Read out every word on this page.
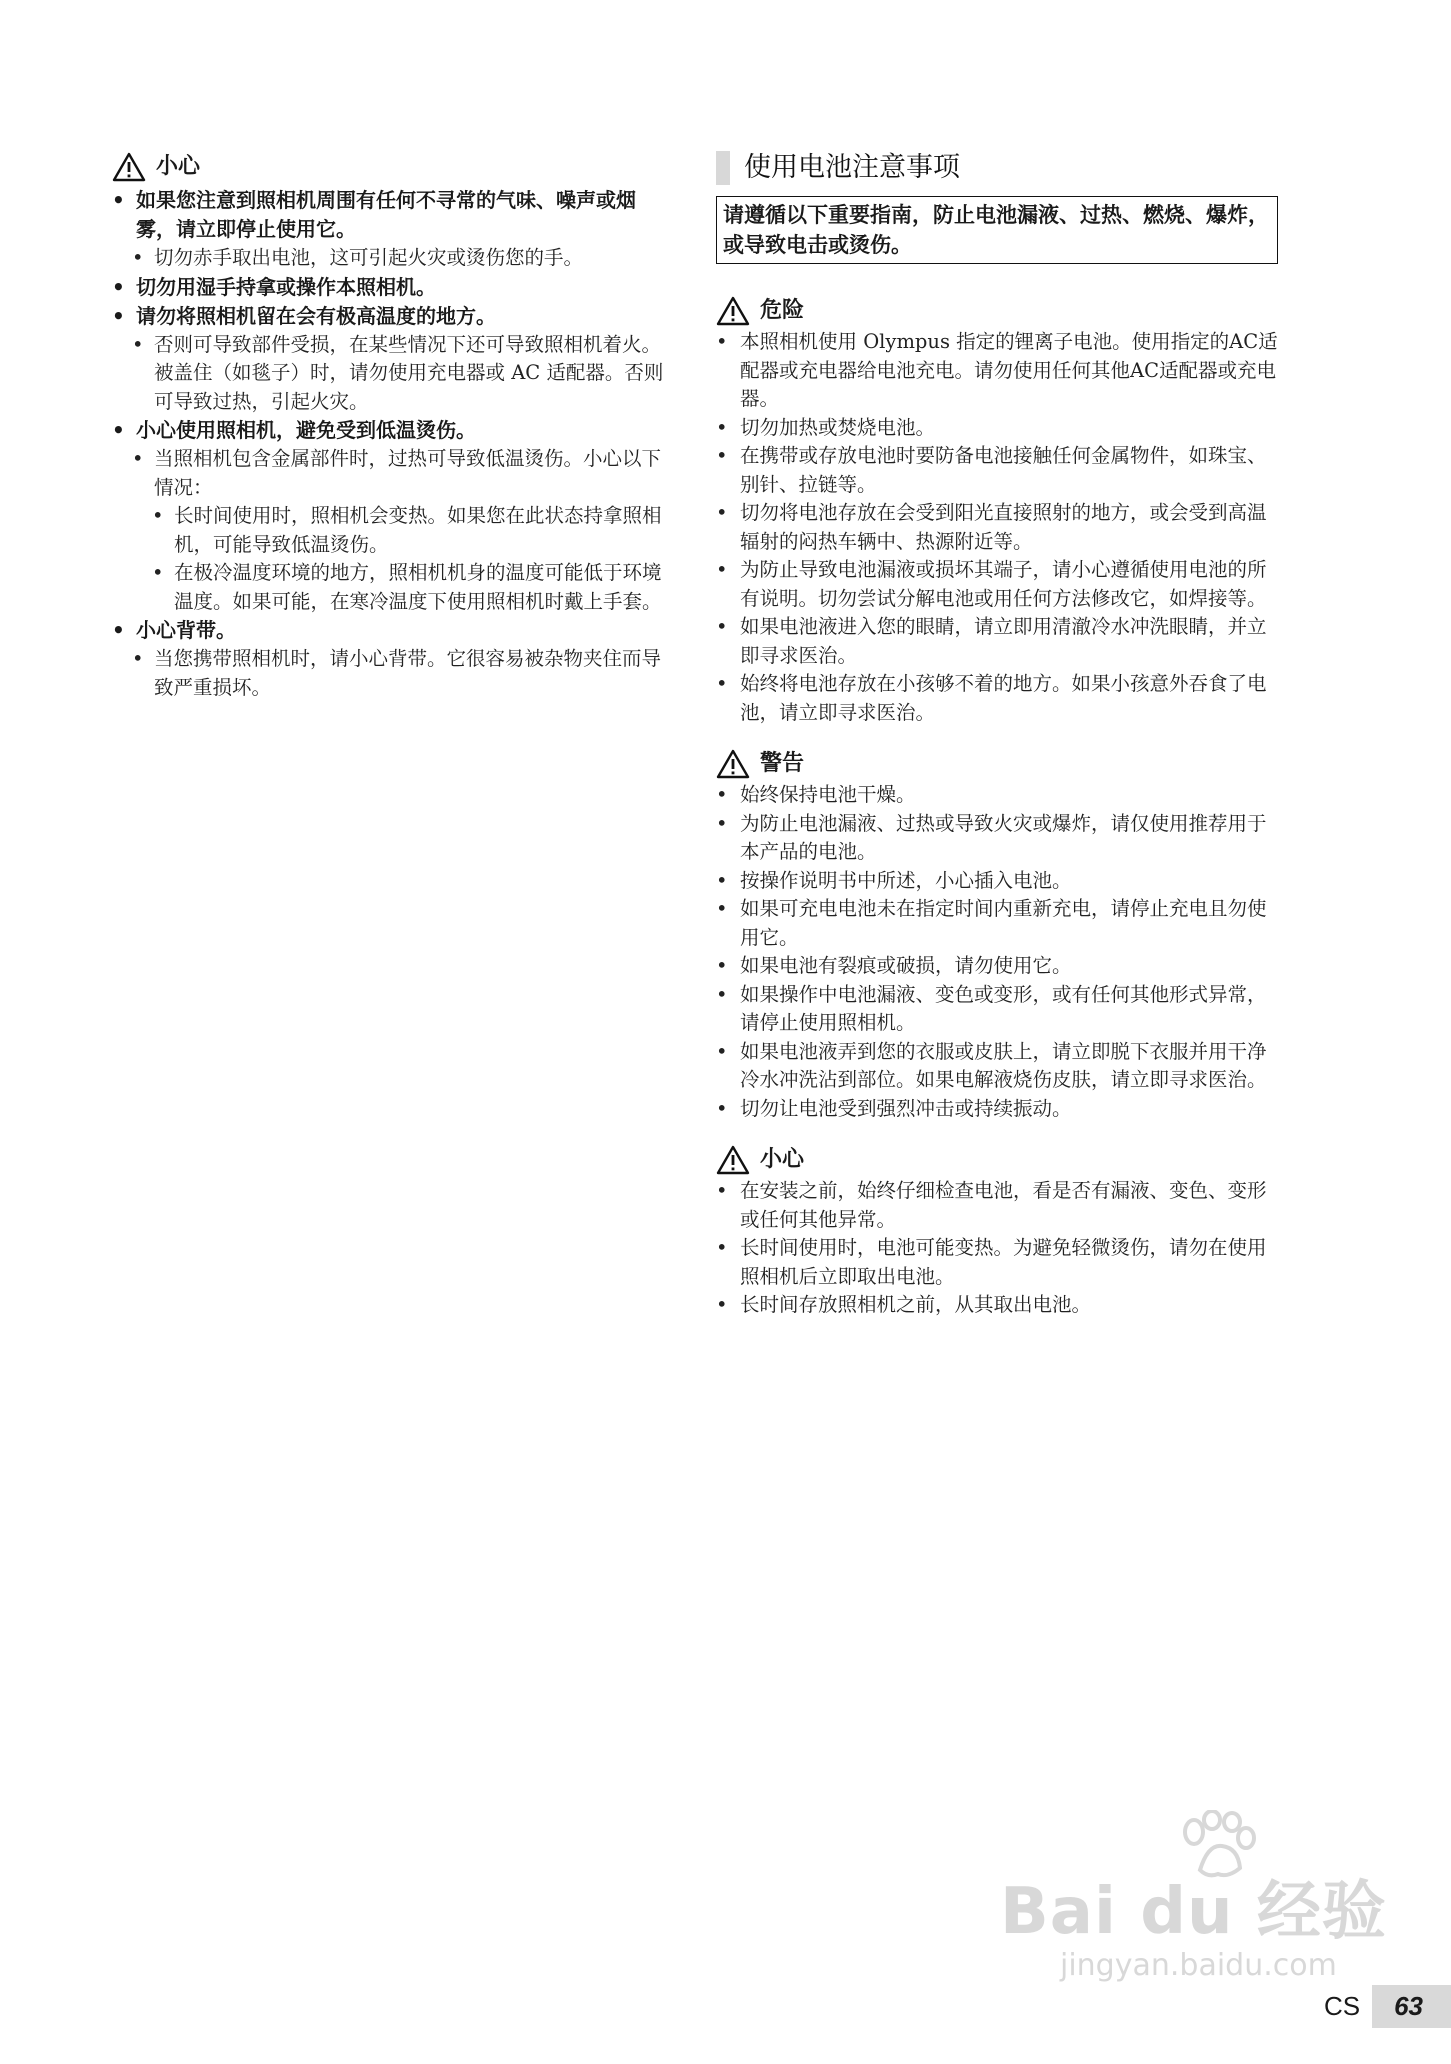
小心
• 如果您注意到照相机周围有任何不寻常的气味、噪声或烟雾，请立即停止使用它。
• 切勿赤手取出电池，这可引起火灾或烫伤您的手。
• 切勿用湿手持拿或操作本照相机。
• 请勿将照相机留在会有极高温度的地方。
• 否则可导致部件受损，在某些情况下还可导致照相机着火。被盖住（如毯子）时，请勿使用充电器或 AC 适配器。否则可导致过热，引起火灾。
• 小心使用照相机，避免受到低温烫伤。
• 当照相机包含金属部件时，过热可导致低温烫伤。小心以下情况：
• 长时间使用时，照相机会变热。如果您在此状态持拿照相机，可能导致低温烫伤。
• 在极冷温度环境的地方，照相机机身的温度可能低于环境温度。如果可能，在寒冷温度下使用照相机时戴上手套。
• 小心背带。
• 当您携带照相机时，请小心背带。它很容易被杂物夹住而导致严重损坏。
使用电池注意事项
请遵循以下重要指南，防止电池漏液、过热、燃烧、爆炸，或导致电击或烫伤。
危险
• 本照相机使用 Olympus 指定的锂离子电池。使用指定的AC适配器或充电器给电池充电。请勿使用任何其他AC适配器或充电器。
• 切勿加热或焚烧电池。
• 在携带或存放电池时要防备电池接触任何金属物件，如珠宝、别针、拉链等。
• 切勿将电池存放在会受到阳光直接照射的地方，或会受到高温辐射的闷热车辆中、热源附近等。
• 为防止导致电池漏液或损坏其端子，请小心遵循使用电池的所有说明。切勿尝试分解电池或用任何方法修改它，如焊接等。
• 如果电池液进入您的眼睛，请立即用清澈冷水冲洗眼睛，并立即寻求医治。
• 始终将电池存放在小孩够不着的地方。如果小孩意外吞食了电池，请立即寻求医治。
警告
• 始终保持电池干燥。
• 为防止电池漏液、过热或导致火灾或爆炸，请仅使用推荐用于本产品的电池。
• 按操作说明书中所述，小心插入电池。
• 如果可充电电池未在指定时间内重新充电，请停止充电且勿使用它。
• 如果电池有裂痕或破损，请勿使用它。
• 如果操作中电池漏液、变色或变形，或有任何其他形式异常，请停止使用照相机。
• 如果电池液弄到您的衣服或皮肤上，请立即脱下衣服并用干净冷水冲洗沾到部位。如果电解液烧伤皮肤，请立即寻求医治。
• 切勿让电池受到强烈冲击或持续振动。
小心
• 在安装之前，始终仔细检查电池，看是否有漏液、变色、变形或任何其他异常。
• 长时间使用时，电池可能变热。为避免轻微烫伤，请勿在使用照相机后立即取出电池。
• 长时间存放照相机之前，从其取出电池。
Bai du 经验
jingyan.baidu.com
CS	63
